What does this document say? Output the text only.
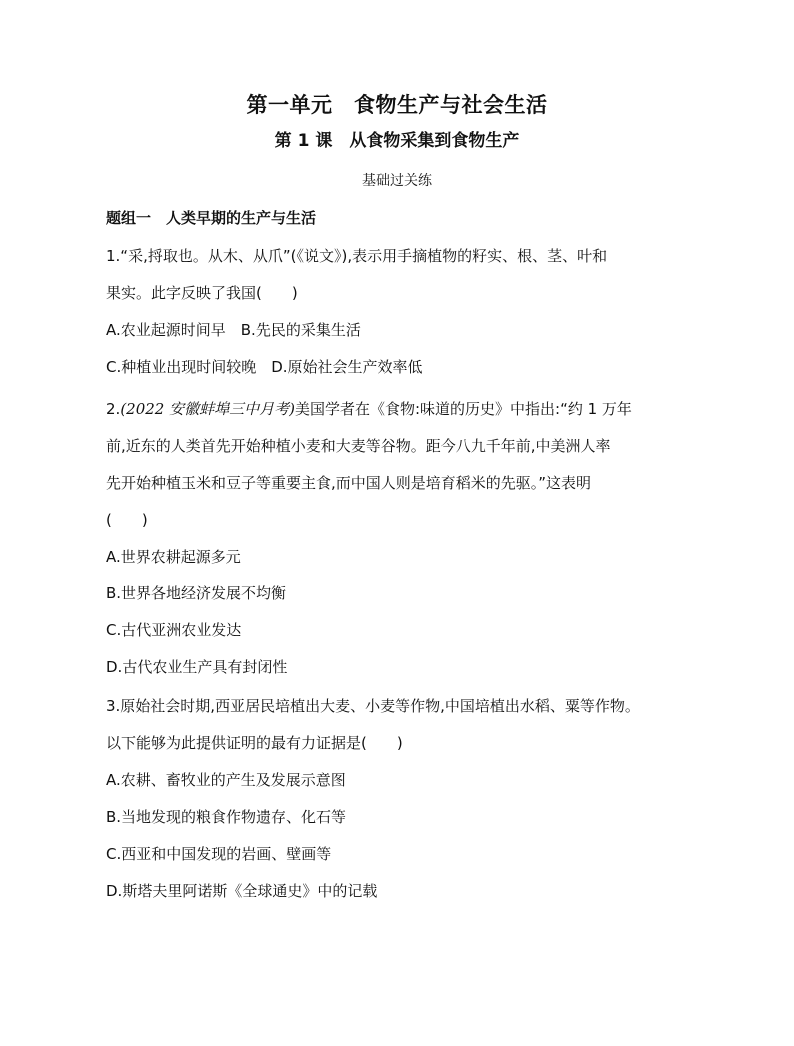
第一单元　食物生产与社会生活
第 1 课　从食物采集到食物生产
基础过关练
题组一　人类早期的生产与生活
1.“采,捋取也。从木、从爪”(《说文》),表示用手摘植物的籽实、根、茎、叶和
果实。此字反映了我国(　　)
A.农业起源时间早　B.先民的采集生活
C.种植业出现时间较晚　D.原始社会生产效率低
2.(2022 安徽蚌埠三中月考)美国学者在《食物:味道的历史》中指出:“约 1 万年
前,近东的人类首先开始种植小麦和大麦等谷物。距今八九千年前,中美洲人率
先开始种植玉米和豆子等重要主食,而中国人则是培育稻米的先驱。”这表明
(　　)
A.世界农耕起源多元
B.世界各地经济发展不均衡
C.古代亚洲农业发达
D.古代农业生产具有封闭性
3.原始社会时期,西亚居民培植出大麦、小麦等作物,中国培植出水稻、粟等作物。
以下能够为此提供证明的最有力证据是(　　)
A.农耕、畜牧业的产生及发展示意图
B.当地发现的粮食作物遗存、化石等
C.西亚和中国发现的岩画、壁画等
D.斯塔夫里阿诺斯《全球通史》中的记载
